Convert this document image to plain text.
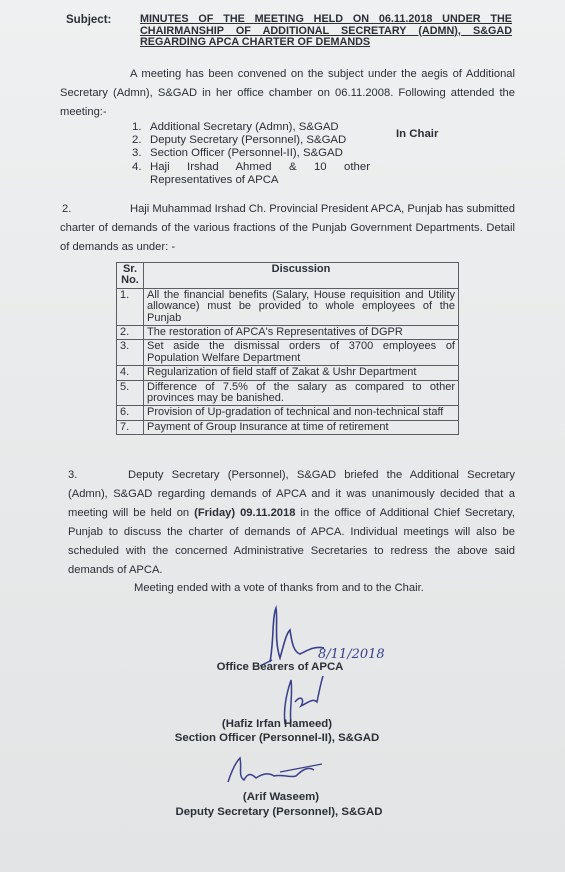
Subject:	MINUTES OF THE MEETING HELD ON 06.11.2018 UNDER THE CHAIRMANSHIP OF ADDITIONAL SECRETARY (ADMN), S&GAD REGARDING APCA CHARTER OF DEMANDS
A meeting has been convened on the subject under the aegis of Additional Secretary (Admn), S&GAD in her office chamber on 06.11.2008. Following attended the meeting:-
1. Additional Secretary (Admn), S&GAD
In Chair
2. Deputy Secretary (Personnel), S&GAD
3. Section Officer (Personnel-II), S&GAD
4. Haji Irshad Ahmed & 10 other Representatives of APCA
2.	Haji Muhammad Irshad Ch. Provincial President APCA, Punjab has submitted charter of demands of the various fractions of the Punjab Government Departments. Detail of demands as under: -
Sr. No.	Discussion
1.	All the financial benefits (Salary, House requisition and Utility allowance) must be provided to whole employees of the Punjab
2.	The restoration of APCA's Representatives of DGPR
3.	Set aside the dismissal orders of 3700 employees of Population Welfare Department
4.	Regularization of field staff of Zakat & Ushr Department
5.	Difference of 7.5% of the salary as compared to other provinces may be banished.
6.	Provision of Up-gradation of technical and non-technical staff
7.	Payment of Group Insurance at time of retirement
3.	Deputy Secretary (Personnel), S&GAD briefed the Additional Secretary (Admn), S&GAD regarding demands of APCA and it was unanimously decided that a meeting will be held on (Friday) 09.11.2018 in the office of Additional Chief Secretary, Punjab to discuss the charter of demands of APCA. Individual meetings will also be scheduled with the concerned Administrative Secretaries to redress the above said demands of APCA.
Meeting ended with a vote of thanks from and to the Chair.
8/11/2018
Office Bearers of APCA
(Hafiz Irfan Hameed)
Section Officer (Personnel-II), S&GAD
(Arif Waseem)
Deputy Secretary (Personnel), S&GAD
